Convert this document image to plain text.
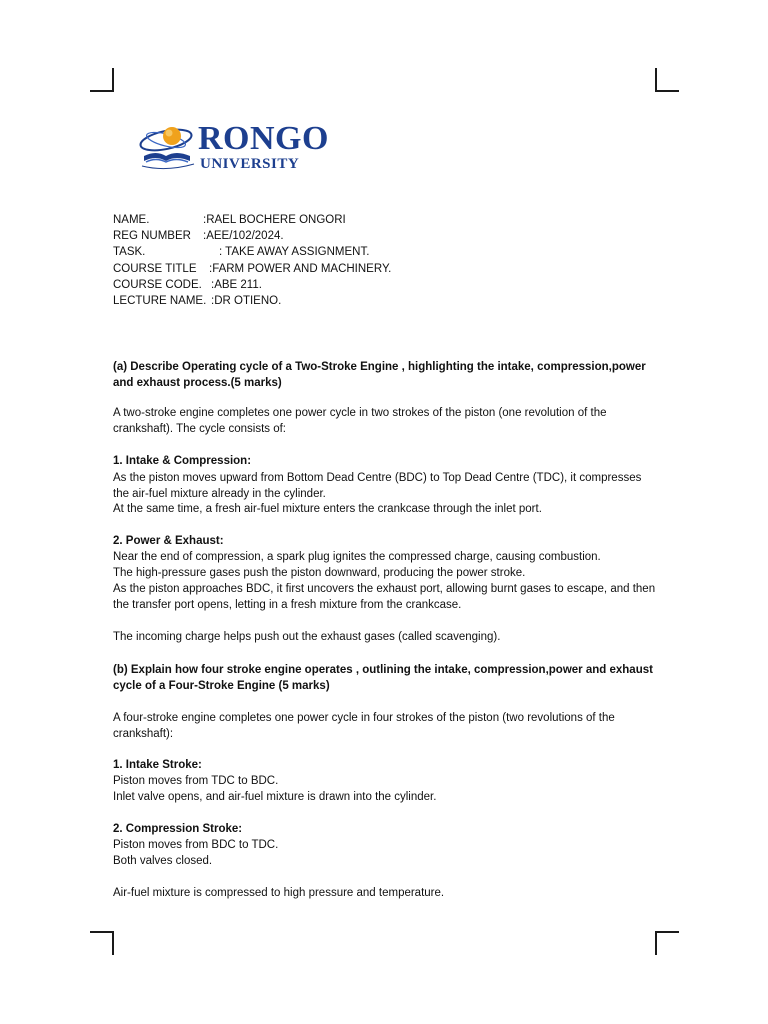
RONGO
UNIVERSITY
NAME.	:RAEL BOCHERE ONGORI
REG NUMBER :AEE/102/2024.
TASK.	: TAKE AWAY ASSIGNMENT.
COURSE TITLE :FARM POWER AND MACHINERY.
COURSE CODE. :ABE 211.
LECTURE NAME. :DR OTIENO.

(a) Describe Operating cycle of a Two-Stroke Engine , highlighting the intake, compression,power and exhaust process.(5 marks)

A two-stroke engine completes one power cycle in two strokes of the piston (one revolution of the crankshaft). The cycle consists of:

1. Intake & Compression:

As the piston moves upward from Bottom Dead Centre (BDC) to Top Dead Centre (TDC), it compresses the air-fuel mixture already in the cylinder.

At the same time, a fresh air-fuel mixture enters the crankcase through the inlet port.

2. Power & Exhaust:

Near the end of compression, a spark plug ignites the compressed charge, causing combustion.

The high-pressure gases push the piston downward, producing the power stroke.

As the piston approaches BDC, it first uncovers the exhaust port, allowing burnt gases to escape, and then the transfer port opens, letting in a fresh mixture from the crankcase.

The incoming charge helps push out the exhaust gases (called scavenging).

(b) Explain how four stroke engine operates , outlining the intake, compression,power and exhaust cycle of a Four-Stroke Engine (5 marks)

A four-stroke engine completes one power cycle in four strokes of the piston (two revolutions of the crankshaft):

1. Intake Stroke:

Piston moves from TDC to BDC.

Inlet valve opens, and air-fuel mixture is drawn into the cylinder.

2. Compression Stroke:

Piston moves from BDC to TDC.

Both valves closed.

Air-fuel mixture is compressed to high pressure and temperature.
